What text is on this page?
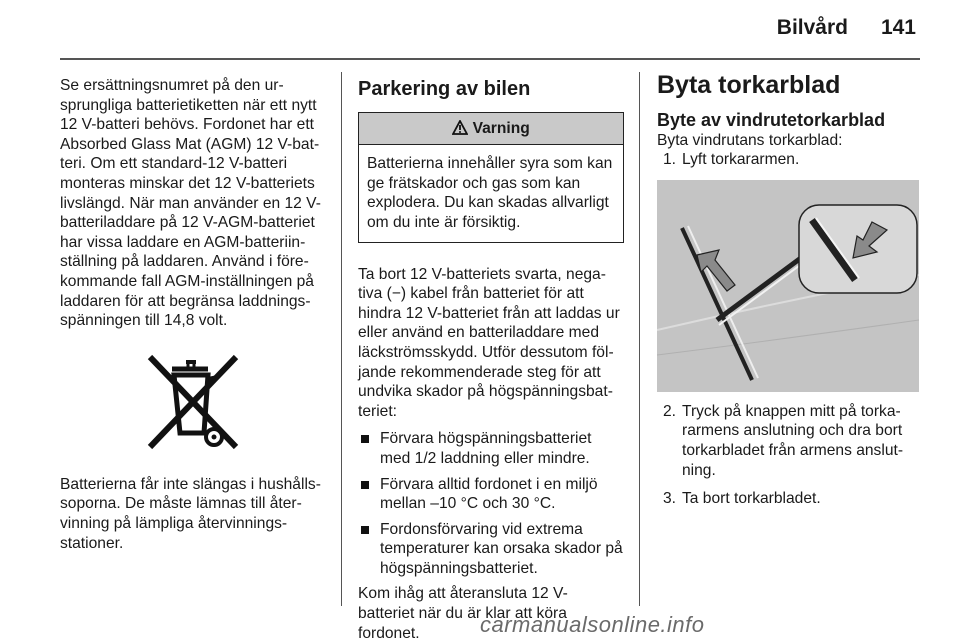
Bilvård 141

Se ersättningsnumret på den ursprungliga batterietiketten när ett nytt 12 V-batteri behövs. Fordonet har ett Absorbed Glass Mat (AGM) 12 V-batteri. Om ett standard-12 V-batteri monteras minskar det 12 V-batteriets livslängd. När man använder en 12 V-batteriladdare på 12 V-AGM-batteriet har vissa laddare en AGM-batteriinställning på laddaren. Använd i förekommande fall AGM-inställningen på laddaren för att begränsa laddningsspänningen till 14,8 volt.

Batterierna får inte slängas i hushållssoporna. De måste lämnas till återvinning på lämpliga återvinningsstationer.

Parkering av bilen

Varning
Batterierna innehåller syra som kan ge frätskador och gas som kan explodera. Du kan skadas allvarligt om du inte är försiktig.

Ta bort 12 V-batteriets svarta, negativa (−) kabel från batteriet för att hindra 12 V-batteriet från att laddas ur eller använd en batteriladdare med läckströmsskydd. Utför dessutom följande rekommenderade steg för att undvika skador på högspänningsbatteriet:

Förvara högspänningsbatteriet med 1/2 laddning eller mindre.
Förvara alltid fordonet i en miljö mellan –10 °C och 30 °C.
Fordonsförvaring vid extrema temperaturer kan orsaka skador på högspänningsbatteriet.

Kom ihåg att återansluta 12 V-batteriet när du är klar att köra fordonet.

Byta torkarblad

Byte av vindrutetorkarblad

Byta vindrutans torkarblad:

1. Lyft torkararmen.
2. Tryck på knappen mitt på torkararmens anslutning och dra bort torkarbladet från armens anslutning.
3. Ta bort torkarbladet.
carmanualsonline.info
